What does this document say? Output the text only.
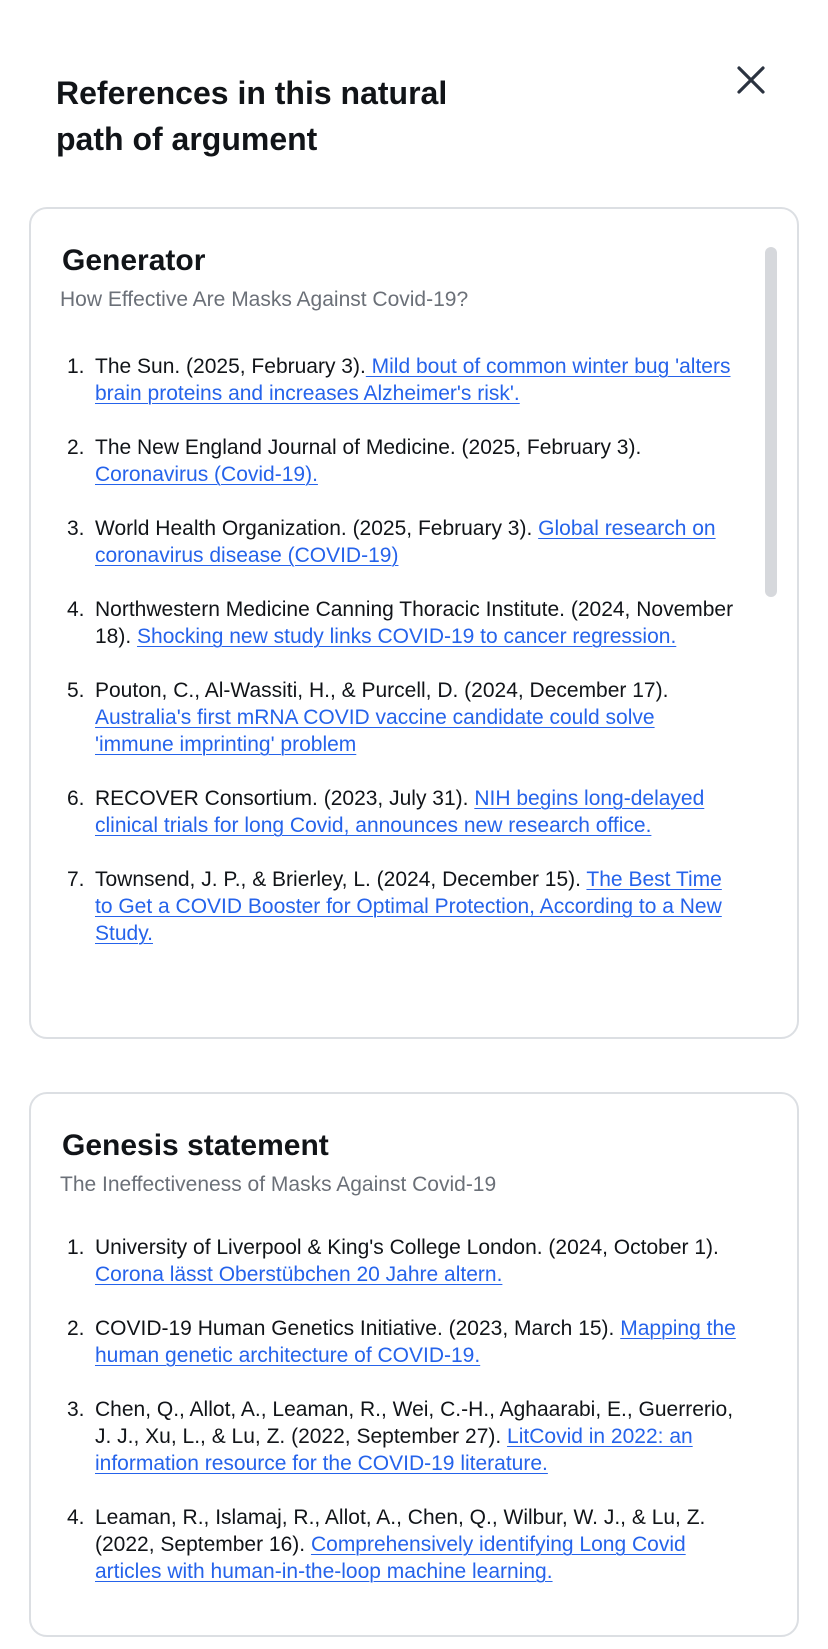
References in this natural path of argument
Generator
How Effective Are Masks Against Covid-19?
1. The Sun. (2025, February 3). Mild bout of common winter bug 'alters brain proteins and increases Alzheimer's risk'.
2. The New England Journal of Medicine. (2025, February 3). Coronavirus (Covid-19).
3. World Health Organization. (2025, February 3). Global research on coronavirus disease (COVID-19)
4. Northwestern Medicine Canning Thoracic Institute. (2024, November 18). Shocking new study links COVID-19 to cancer regression.
5. Pouton, C., Al-Wassiti, H., & Purcell, D. (2024, December 17). Australia's first mRNA COVID vaccine candidate could solve 'immune imprinting' problem
6. RECOVER Consortium. (2023, July 31). NIH begins long-delayed clinical trials for long Covid, announces new research office.
7. Townsend, J. P., & Brierley, L. (2024, December 15). The Best Time to Get a COVID Booster for Optimal Protection, According to a New Study.
Genesis statement
The Ineffectiveness of Masks Against Covid-19
1. University of Liverpool & King's College London. (2024, October 1). Corona lässt Oberstübchen 20 Jahre altern.
2. COVID-19 Human Genetics Initiative. (2023, March 15). Mapping the human genetic architecture of COVID-19.
3. Chen, Q., Allot, A., Leaman, R., Wei, C.-H., Aghaarabi, E., Guerrerio, J. J., Xu, L., & Lu, Z. (2022, September 27). LitCovid in 2022: an information resource for the COVID-19 literature.
4. Leaman, R., Islamaj, R., Allot, A., Chen, Q., Wilbur, W. J., & Lu, Z. (2022, September 16). Comprehensively identifying Long Covid articles with human-in-the-loop machine learning.
